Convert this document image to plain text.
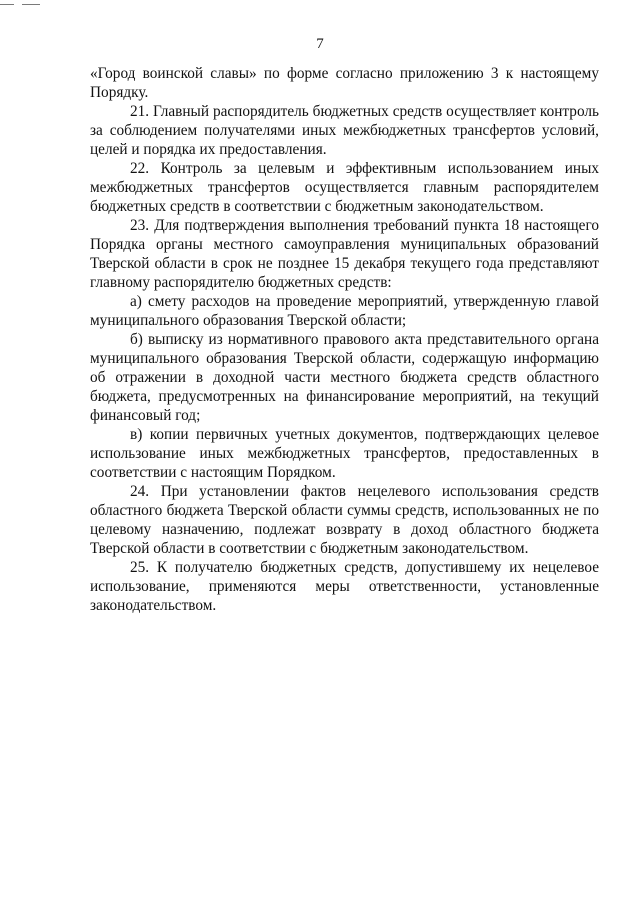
7

«Город воинской славы» по форме согласно приложению 3 к настоящему Порядку.

21. Главный распорядитель бюджетных средств осуществляет контроль за соблюдением получателями иных межбюджетных трансфертов условий, целей и порядка их предоставления.

22. Контроль за целевым и эффективным использованием иных межбюджетных трансфертов осуществляется главным распорядителем бюджетных средств в соответствии с бюджетным законодательством.

23. Для подтверждения выполнения требований пункта 18 настоящего Порядка органы местного самоуправления муниципальных образований Тверской области в срок не позднее 15 декабря текущего года представляют главному распорядителю бюджетных средств:

а) смету расходов на проведение мероприятий, утвержденную главой муниципального образования Тверской области;

б) выписку из нормативного правового акта представительного органа муниципального образования Тверской области, содержащую информацию об отражении в доходной части местного бюджета средств областного бюджета, предусмотренных на финансирование мероприятий, на текущий финансовый год;

в) копии первичных учетных документов, подтверждающих целевое использование иных межбюджетных трансфертов, предоставленных в соответствии с настоящим Порядком.

24. При установлении фактов нецелевого использования средств областного бюджета Тверской области суммы средств, использованных не по целевому назначению, подлежат возврату в доход областного бюджета Тверской области в соответствии с бюджетным законодательством.

25. К получателю бюджетных средств, допустившему их нецелевое использование, применяются меры ответственности, установленные законодательством.
